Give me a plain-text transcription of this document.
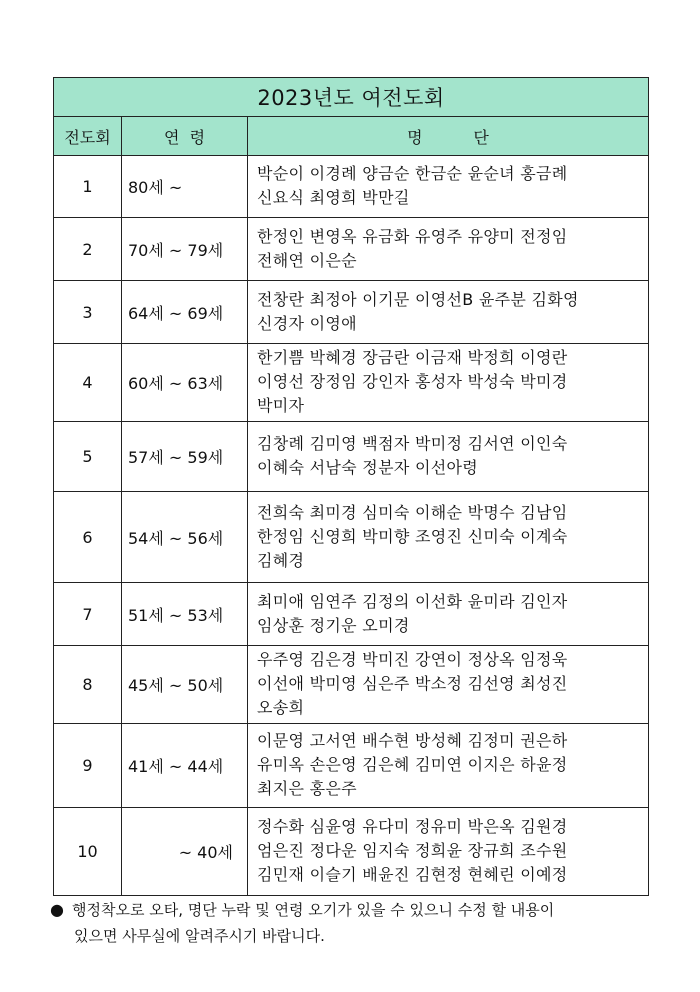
2023년도 여전도회		
전도회	연  령	명          단
1	80세 ~	박순이 이경례 양금순 한금순 윤순녀 홍금례
신요식 최영희 박만길

2	70세 ~ 79세	한정인 변영옥 유금화 유영주 유양미 전정임
전해연 이은순

3	64세 ~ 69세	전창란 최정아 이기문 이영선B 윤주분 김화영
신경자 이영애

4	60세 ~ 63세	한기쁨 박혜경 장금란 이금재 박정희 이영란
이영선 장정임 강인자 홍성자 박성숙 박미경
박미자

5	57세 ~ 59세	김창례 김미영 백점자 박미정 김서연 이인숙
이혜숙 서남숙 정분자 이선아령

6	54세 ~ 56세	전희숙 최미경 심미숙 이해순 박명수 김남임
한정임 신영희 박미향 조영진 신미숙 이계숙
김혜경

7	51세 ~ 53세	최미애 임연주 김정의 이선화 윤미라 김인자
임상훈 정기운 오미경

8	45세 ~ 50세	우주영 김은경 박미진 강연이 정상옥 임정욱
이선애 박미영 심은주 박소정 김선영 최성진
오송희

9	41세 ~ 44세	이문영 고서연 배수현 방성혜 김정미 권은하
유미옥 손은영 김은혜 김미연 이지은 하윤정
최지은 홍은주

10	~ 40세	정수화 심윤영 유다미 정유미 박은옥 김원경
엄은진 정다운 임지숙 정희윤 장규희 조수원
김민재 이슬기 배윤진 김현정 현혜린 이예정
● 행정착오로 오타, 명단 누락 및 연령 오기가 있을 수 있으니 수정 할 내용이
있으면 사무실에 알려주시기 바랍니다.
